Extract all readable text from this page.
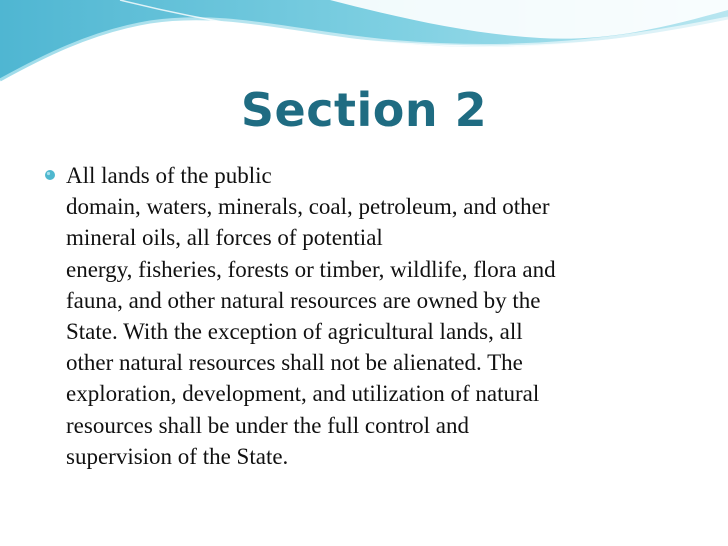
Section 2

All lands of the public
domain, waters, minerals, coal, petroleum, and other
mineral oils, all forces of potential
energy, fisheries, forests or timber, wildlife, flora and
fauna, and other natural resources are owned by the
State. With the exception of agricultural lands, all
other natural resources shall not be alienated. The
exploration, development, and utilization of natural
resources shall be under the full control and
supervision of the State.
